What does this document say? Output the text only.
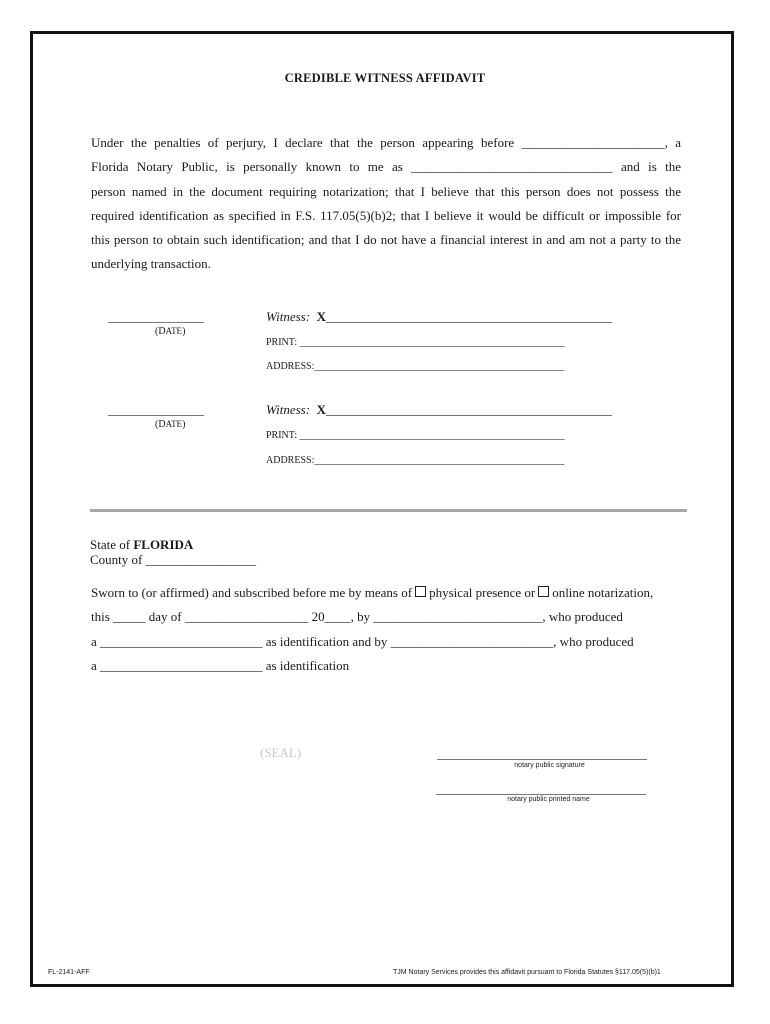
CREDIBLE WITNESS AFFIDAVIT
Under the penalties of perjury, I declare that the person appearing before ______________________, a
Florida Notary Public, is personally known to me as _______________________________ and is the
person named in the document requiring notarization; that I believe that this person does not possess the
required identification as specified in F.S. 117.05(5)(b)2; that I believe it would be difficult or impossible for
this person to obtain such identification; and that I do not have a financial interest in and am not a party to the
underlying transaction.
________________
(DATE)
Witness: X____________________________________________
PRINT: _____________________________________________________
ADDRESS:__________________________________________________
________________
(DATE)
Witness: X____________________________________________
PRINT: _____________________________________________________
ADDRESS:__________________________________________________
State of FLORIDA
County of _________________
Sworn to (or affirmed) and subscribed before me by means of physical presence or online notarization,
this _____ day of ___________________ 20____, by __________________________, who produced
a _________________________ as identification and by _________________________, who produced
a _________________________ as identification
(SEAL)	___________________________________
notary public signature
___________________________________
notary public printed name
FL-2141-AFF	TJM Notary Services provides this affidavit pursuant to Florida Statutes §117.05(5)(b)1
